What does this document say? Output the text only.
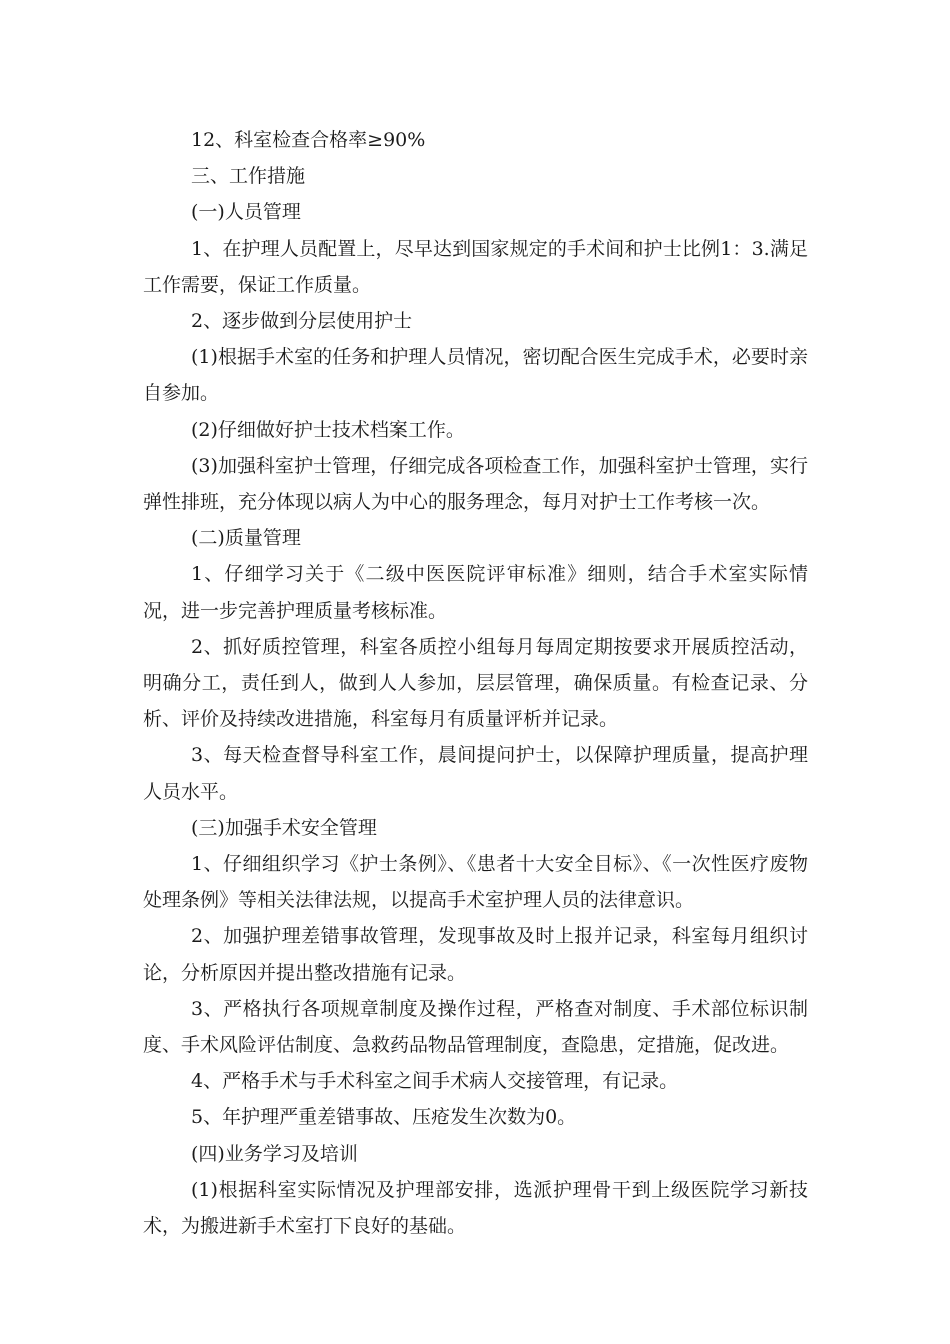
12、科室检查合格率≥90%

三、工作措施

(一)人员管理

1、在护理人员配置上，尽早达到国家规定的手术间和护士比例1：3.满足工作需要，保证工作质量。

2、逐步做到分层使用护士

(1)根据手术室的任务和护理人员情况，密切配合医生完成手术，必要时亲自参加。

(2)仔细做好护士技术档案工作。

(3)加强科室护士管理，仔细完成各项检查工作，加强科室护士管理，实行弹性排班，充分体现以病人为中心的服务理念，每月对护士工作考核一次。

(二)质量管理

1、仔细学习关于《二级中医医院评审标准》细则，结合手术室实际情况，进一步完善护理质量考核标准。

2、抓好质控管理，科室各质控小组每月每周定期按要求开展质控活动，明确分工，责任到人，做到人人参加，层层管理，确保质量。有检查记录、分析、评价及持续改进措施，科室每月有质量评析并记录。

3、每天检查督导科室工作，晨间提问护士，以保障护理质量，提高护理人员水平。

(三)加强手术安全管理

1、仔细组织学习《护士条例》、《患者十大安全目标》、《一次性医疗废物处理条例》等相关法律法规，以提高手术室护理人员的法律意识。

2、加强护理差错事故管理，发现事故及时上报并记录，科室每月组织讨论，分析原因并提出整改措施有记录。

3、严格执行各项规章制度及操作过程，严格查对制度、手术部位标识制度、手术风险评估制度、急救药品物品管理制度，查隐患，定措施，促改进。

4、严格手术与手术科室之间手术病人交接管理，有记录。

5、年护理严重差错事故、压疮发生次数为0。

(四)业务学习及培训

(1)根据科室实际情况及护理部安排，选派护理骨干到上级医院学习新技术，为搬进新手术室打下良好的基础。
